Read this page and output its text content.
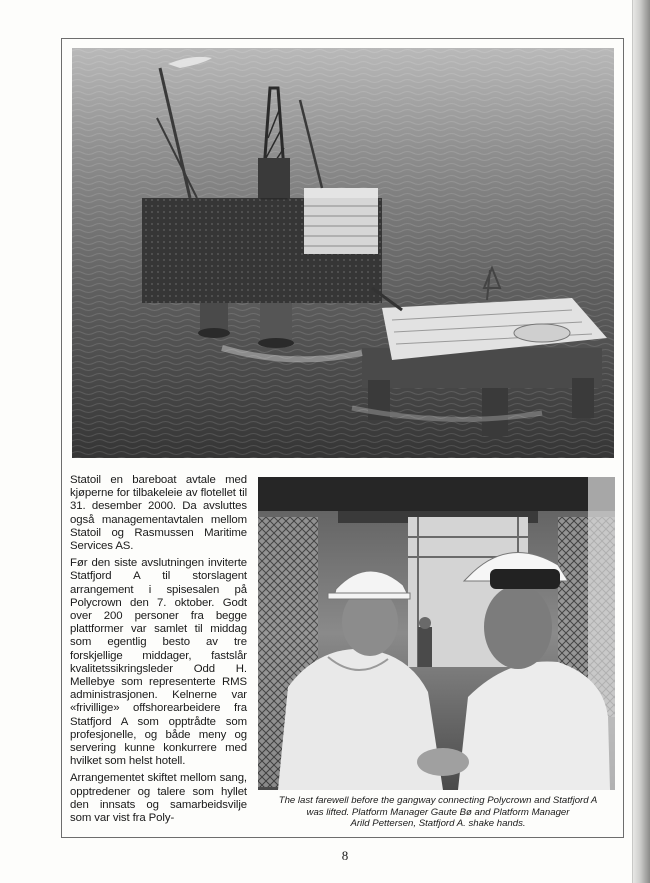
Statoil en bareboat avtale med kjøperne for tilbakeleie av flotellet til 31. desember 2000. Da avsluttes også managementavtalen mellom Statoil og Rasmussen Maritime Services AS.

Før den siste avslutningen inviterte Statfjord A til storslagent arrangement i spisesalen på Polycrown den 7. oktober. Godt over 200 personer fra begge plattformer var samlet til middag som egentlig besto av tre forskjellige middager, fastslår kvalitetssikringsleder Odd H. Mellebye som representerte RMS administrasjonen. Kelnerne var «frivillige» offshorearbeidere fra Statfjord A som opptrådte som profesjonelle, og både meny og servering kunne konkurrere med hvilket som helst hotell.

Arrangementet skiftet mellom sang, opptredener og talere som hyllet den innsats og samarbeidsvilje som var vist fra Poly-

The last farewell before the gangway connecting Polycrown and Statfjord A
was lifted. Platform Manager Gaute Bø and Platform Manager
Arild Pettersen, Statfjord A. shake hands.
8
